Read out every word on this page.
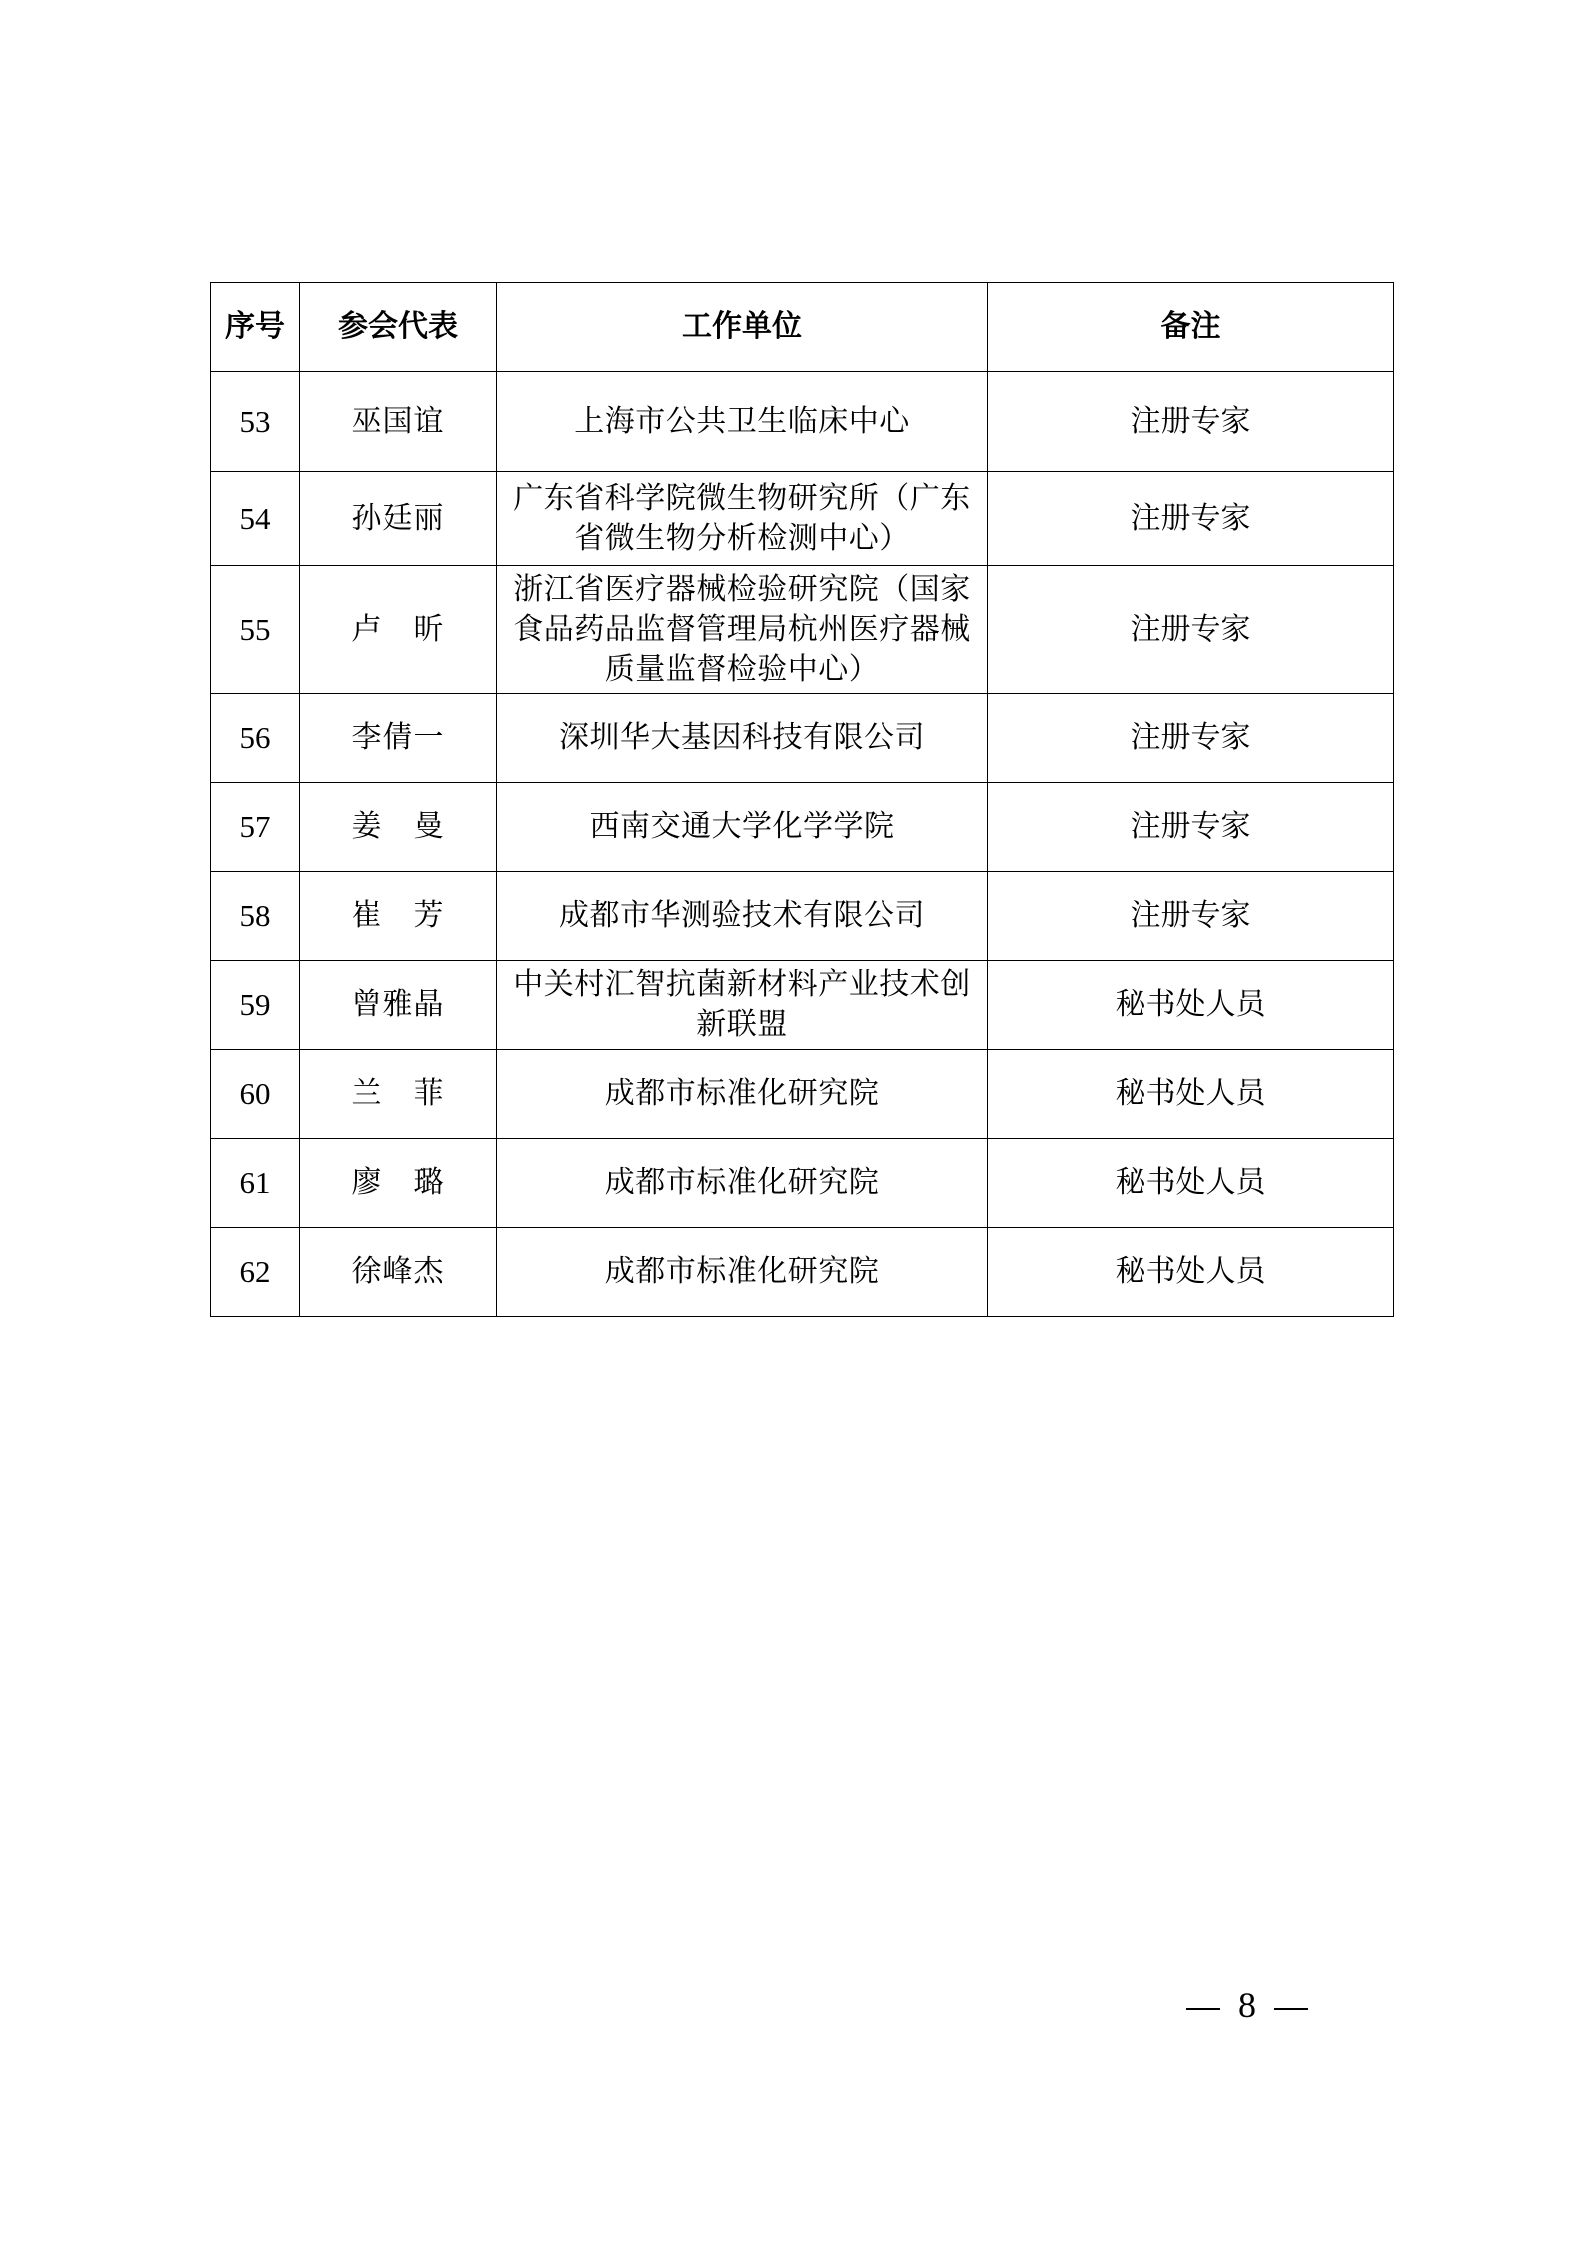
序号	参会代表	工作单位	备注
53	巫国谊	上海市公共卫生临床中心	注册专家
54	孙廷丽	广东省科学院微生物研究所（广东省微生物分析检测中心）	注册专家
55	卢　昕	浙江省医疗器械检验研究院（国家食品药品监督管理局杭州医疗器械质量监督检验中心）	注册专家
56	李倩一	深圳华大基因科技有限公司	注册专家
57	姜　曼	西南交通大学化学学院	注册专家
58	崔　芳	成都市华测验技术有限公司	注册专家
59	曾雅晶	中关村汇智抗菌新材料产业技术创新联盟	秘书处人员
60	兰　菲	成都市标准化研究院	秘书处人员
61	廖　璐	成都市标准化研究院	秘书处人员
62	徐峰杰	成都市标准化研究院	秘书处人员
8
